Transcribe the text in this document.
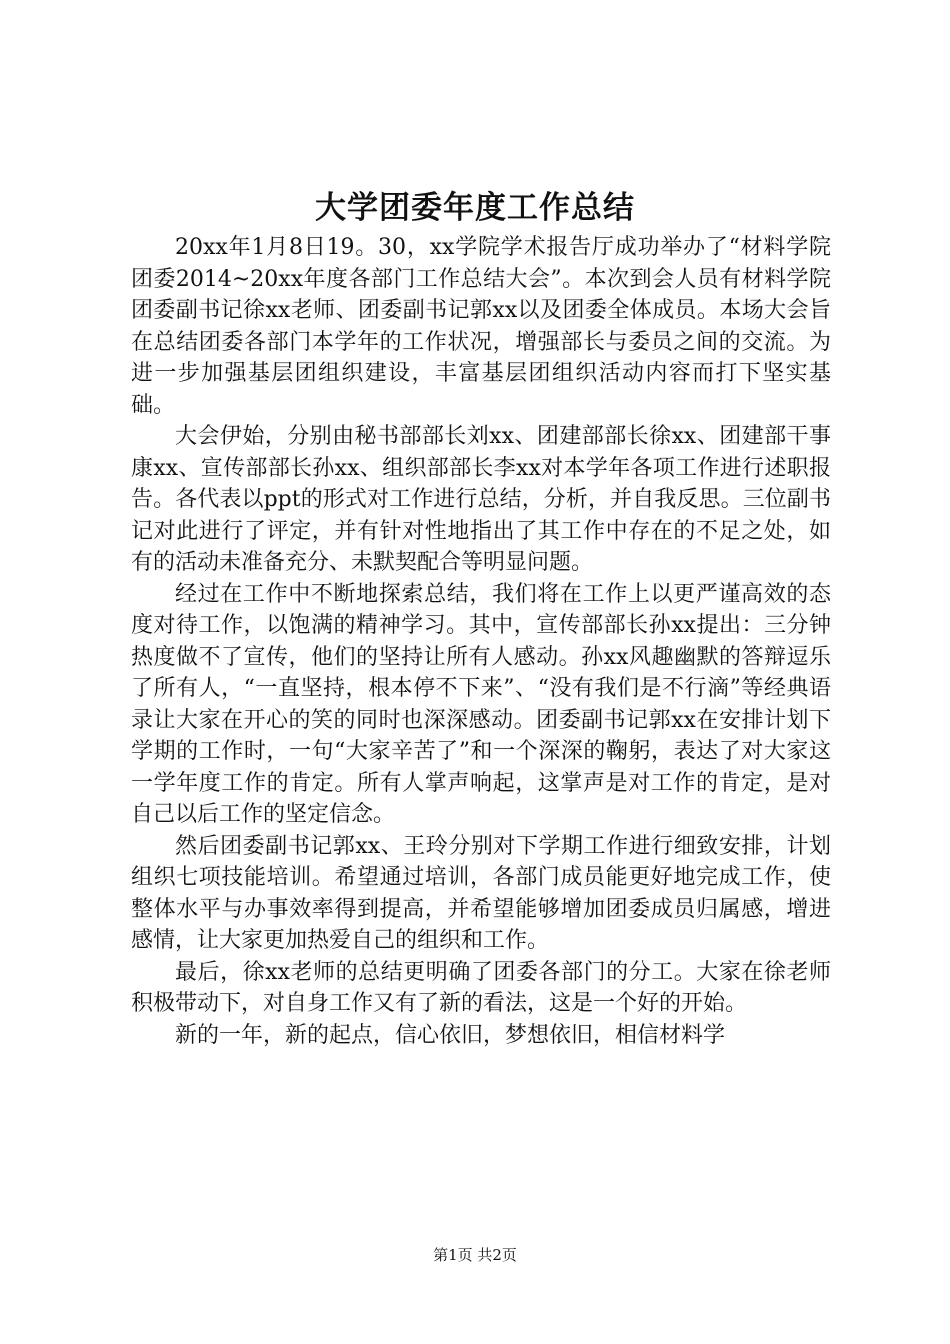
大学团委年度工作总结

20xx年1月8日19。30，xx学院学术报告厅成功举办了“材料学院团委2014~20xx年度各部门工作总结大会”。本次到会人员有材料学院团委副书记徐xx老师、团委副书记郭xx以及团委全体成员。本场大会旨在总结团委各部门本学年的工作状况，增强部长与委员之间的交流。为进一步加强基层团组织建设，丰富基层团组织活动内容而打下坚实基础。

大会伊始，分别由秘书部部长刘xx、团建部部长徐xx、团建部干事康xx、宣传部部长孙xx、组织部部长李xx对本学年各项工作进行述职报告。各代表以ppt的形式对工作进行总结，分析，并自我反思。三位副书记对此进行了评定，并有针对性地指出了其工作中存在的不足之处，如有的活动未准备充分、未默契配合等明显问题。

经过在工作中不断地探索总结，我们将在工作上以更严谨高效的态度对待工作，以饱满的精神学习。其中，宣传部部长孙xx提出：三分钟热度做不了宣传，他们的坚持让所有人感动。孙xx风趣幽默的答辩逗乐了所有人，“一直坚持，根本停不下来”、“没有我们是不行滴”等经典语录让大家在开心的笑的同时也深深感动。团委副书记郭xx在安排计划下学期的工作时，一句“大家辛苦了”和一个深深的鞠躬，表达了对大家这一学年度工作的肯定。所有人掌声响起，这掌声是对工作的肯定，是对自己以后工作的坚定信念。

然后团委副书记郭xx、王玲分别对下学期工作进行细致安排，计划组织七项技能培训。希望通过培训，各部门成员能更好地完成工作，使整体水平与办事效率得到提高，并希望能够增加团委成员归属感，增进感情，让大家更加热爱自己的组织和工作。

最后，徐xx老师的总结更明确了团委各部门的分工。大家在徐老师积极带动下，对自身工作又有了新的看法，这是一个好的开始。

新的一年，新的起点，信心依旧，梦想依旧，相信材料学

第1页 共2页
